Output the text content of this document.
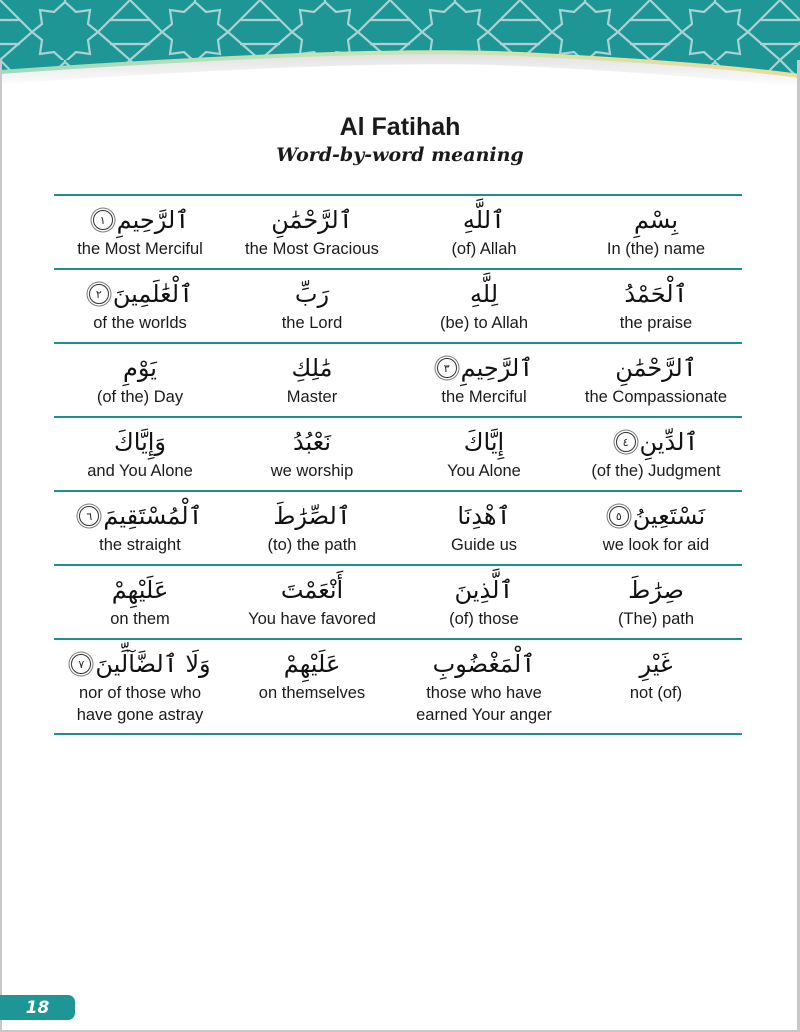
Al Fatihah
Word-by-word meaning
بِسْمِ
In (the) name
ٱللَّهِ
(of) Allah
ٱلرَّحْمَٰنِ
the Most Gracious
ٱلرَّحِيمِ
١
the Most Merciful
ٱلْحَمْدُ
the praise
لِلَّهِ
(be) to Allah
رَبِّ
the Lord
ٱلْعَٰلَمِينَ
٢
of the worlds
ٱلرَّحْمَٰنِ
the Compassionate
ٱلرَّحِيمِ
٣
the Merciful
مَٰلِكِ
Master
يَوْمِ
(of the) Day
ٱلدِّينِ
٤
(of the) Judgment
إِيَّاكَ
You Alone
نَعْبُدُ
we worship
وَإِيَّاكَ
and You Alone
نَسْتَعِينُ
٥
we look for aid
ٱهْدِنَا
Guide us
ٱلصِّرَٰطَ
(to) the path
ٱلْمُسْتَقِيمَ
٦
the straight
صِرَٰطَ
(The) path
ٱلَّذِينَ
(of) those
أَنْعَمْتَ
You have favored
عَلَيْهِمْ
on them
غَيْرِ
not (of)
ٱلْمَغْضُوبِ
those who have
earned Your anger
عَلَيْهِمْ
on themselves
وَلَا ٱلضَّآلِّينَ
٧
nor of those who
have gone astray
18
